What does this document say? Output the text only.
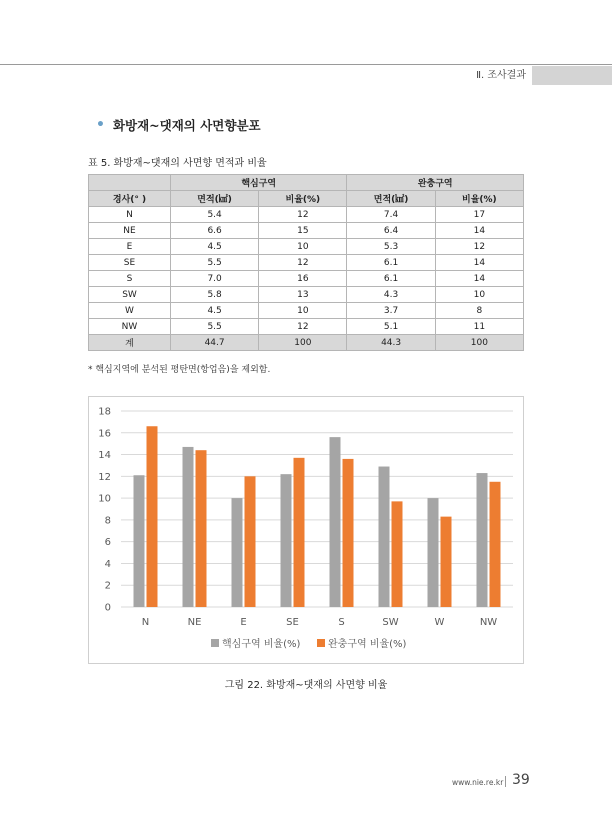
Ⅱ. 조사결과
• 화방재~댓재의 사면향분포
표 5. 화방재~댓재의 사면향 면적과 비율
	핵심구역		완충구역	
경사(° )	면적(㎢)	비율(%)	면적(㎢)	비율(%)
N	5.4	12	7.4	17
NE	6.6	15	6.4	14
E	4.5	10	5.3	12
SE	5.5	12	6.1	14
S	7.0	16	6.1	14
SW	5.8	13	4.3	10
W	4.5	10	3.7	8
NW	5.5	12	5.1	11
계	44.7	100	44.3	100
* 핵심지역에 분석된 평탄면(항업음)을 제외함.
0
2
4
6
8
10
12
14
16
18
N	NE	E	SE	S	SW	W	NW
핵심구역 비율(%)	완충구역 비율(%)
그림 22. 화방재~댓재의 사면향 비율
www.nie.re.kr 39
